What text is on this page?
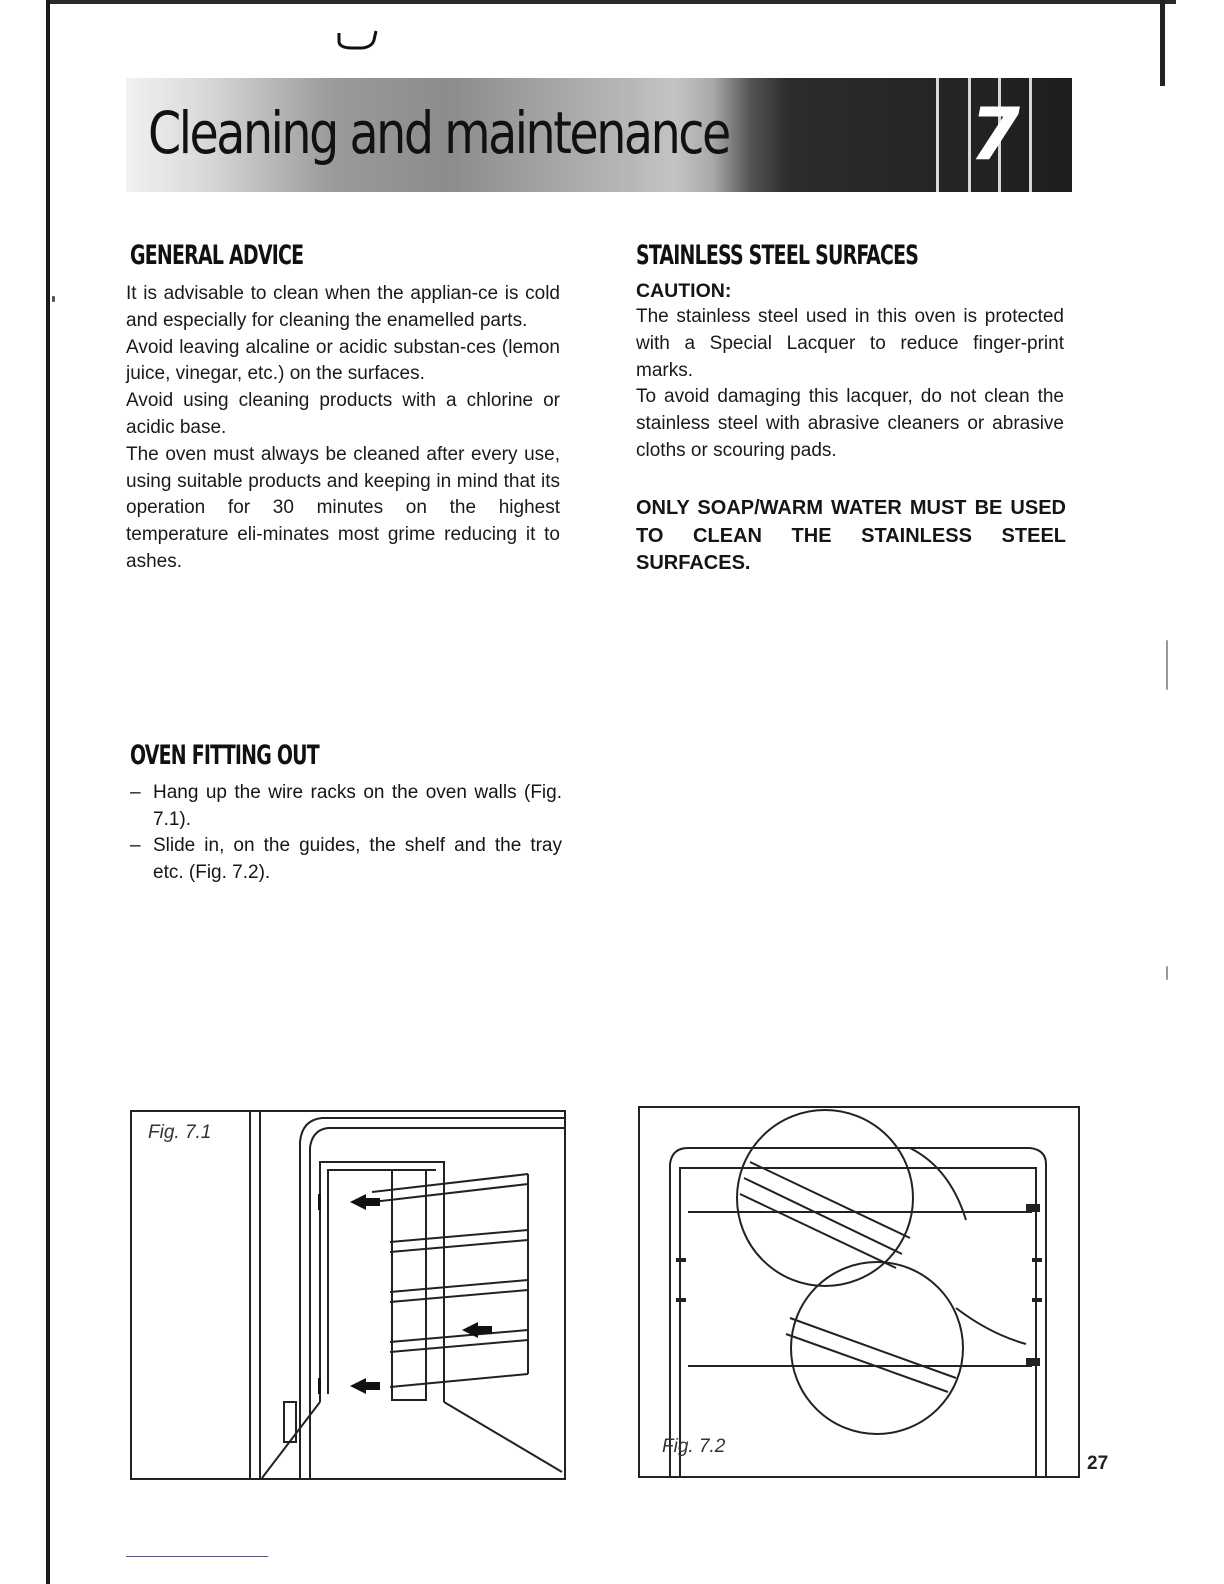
Cleaning and maintenance	7
GENERAL ADVICE

It is advisable to clean when the applian-ce is cold and especially for cleaning the enamelled parts.

Avoid leaving alcaline or acidic substan-ces (lemon juice, vinegar, etc.) on the surfaces.

Avoid using cleaning products with a chlorine or acidic base.

The oven must always be cleaned after every use, using suitable products and keeping in mind that its operation for 30 minutes on the highest temperature eli-minates most grime reducing it to ashes.

STAINLESS STEEL SURFACES
CAUTION:

The stainless steel used in this oven is protected with a Special Lacquer to reduce finger-print marks.

To avoid damaging this lacquer, do not clean the stainless steel with abrasive cleaners or abrasive cloths or scouring pads.

ONLY SOAP/WARM WATER MUST BE USED TO CLEAN THE STAINLESS STEEL SURFACES.

OVEN FITTING OUT
– Hang up the wire racks on the oven walls (Fig. 7.1).
– Slide in, on the guides, the shelf and the tray etc. (Fig. 7.2).
Fig. 7.1
Fig. 7.2
27
